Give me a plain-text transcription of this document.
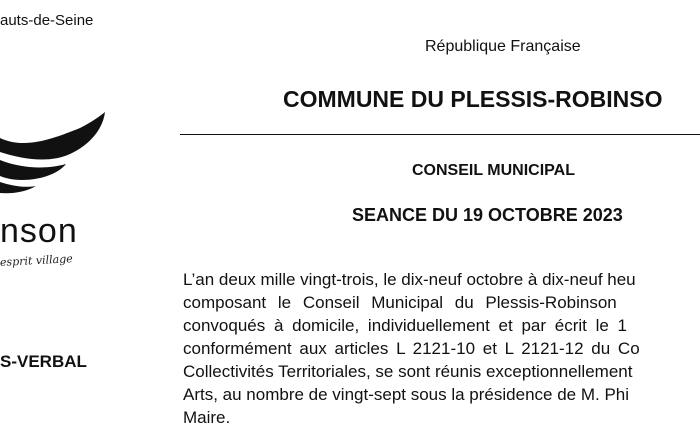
auts-de-Seine
nson
esprit village
S-VERBAL
République Française
COMMUNE DU PLESSIS-ROBINSO
CONSEIL MUNICIPAL
SEANCE DU 19 OCTOBRE 2023
L’an deux mille vingt-trois, le dix-neuf octobre à dix-neuf heu
composant le Conseil Municipal du Plessis-Robinson
convoqués à domicile, individuellement et par écrit le 1
conformément aux articles L 2121-10 et L 2121-12 du Co
Collectivités Territoriales, se sont réunis exceptionnellement
Arts, au nombre de vingt-sept sous la présidence de M. Phi
Maire.
